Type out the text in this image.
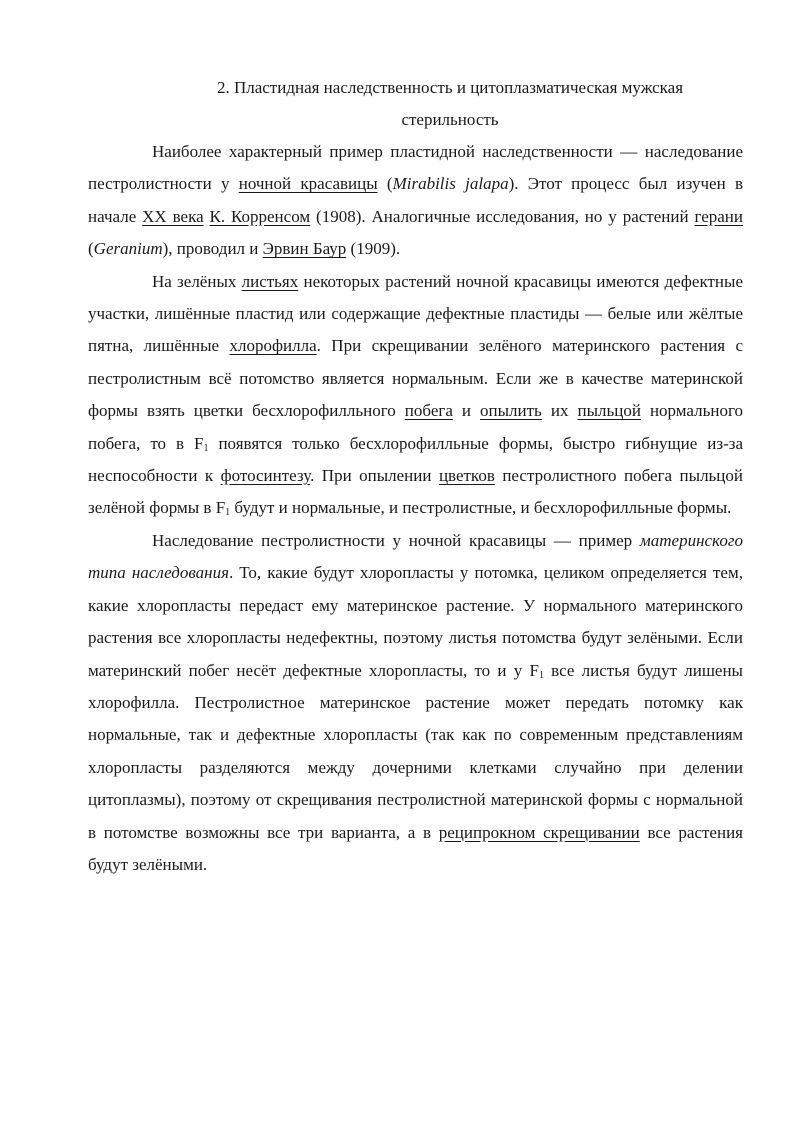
2. Пластидная наследственность и цитоплазматическая мужская
стерильность

Наиболее характерный пример пластидной наследственности — наследование пестролистности у ночной красавицы (Mirabilis jalapa). Этот процесс был изучен в начале XX века К. Корренсом (1908). Аналогичные исследования, но у растений герани (Geranium), проводил и Эрвин Баур (1909).

На зелёных листьях некоторых растений ночной красавицы имеются дефектные участки, лишённые пластид или содержащие дефектные пластиды — белые или жёлтые пятна, лишённые хлорофилла. При скрещивании зелёного материнского растения с пестролистным всё потомство является нормальным. Если же в качестве материнской формы взять цветки бесхлорофилльного побега и опылить их пыльцой нормального побега, то в $F_1$ появятся только бесхлорофилльные формы, быстро гибнущие из-за неспособности к фотосинтезу. При опылении цветков пестролистного побега пыльцой зелёной формы в $F_1$ будут и нормальные, и пестролистные, и бесхлорофилльные формы.

Наследование пестролистности у ночной красавицы — пример материнского типа наследования. То, какие будут хлоропласты у потомка, целиком определяется тем, какие хлоропласты передаст ему материнское растение. У нормального материнского растения все хлоропласты недефектны, поэтому листья потомства будут зелёными. Если материнский побег несёт дефектные хлоропласты, то и у $F_1$ все листья будут лишены хлорофилла. Пестролистное материнское растение может передать потомку как нормальные, так и дефектные хлоропласты (так как по современным представлениям хлоропласты разделяются между дочерними клетками случайно при делении цитоплазмы), поэтому от скрещивания пестролистной материнской формы с нормальной в потомстве возможны все три варианта, а в реципрокном скрещивании все растения будут зелёными.
